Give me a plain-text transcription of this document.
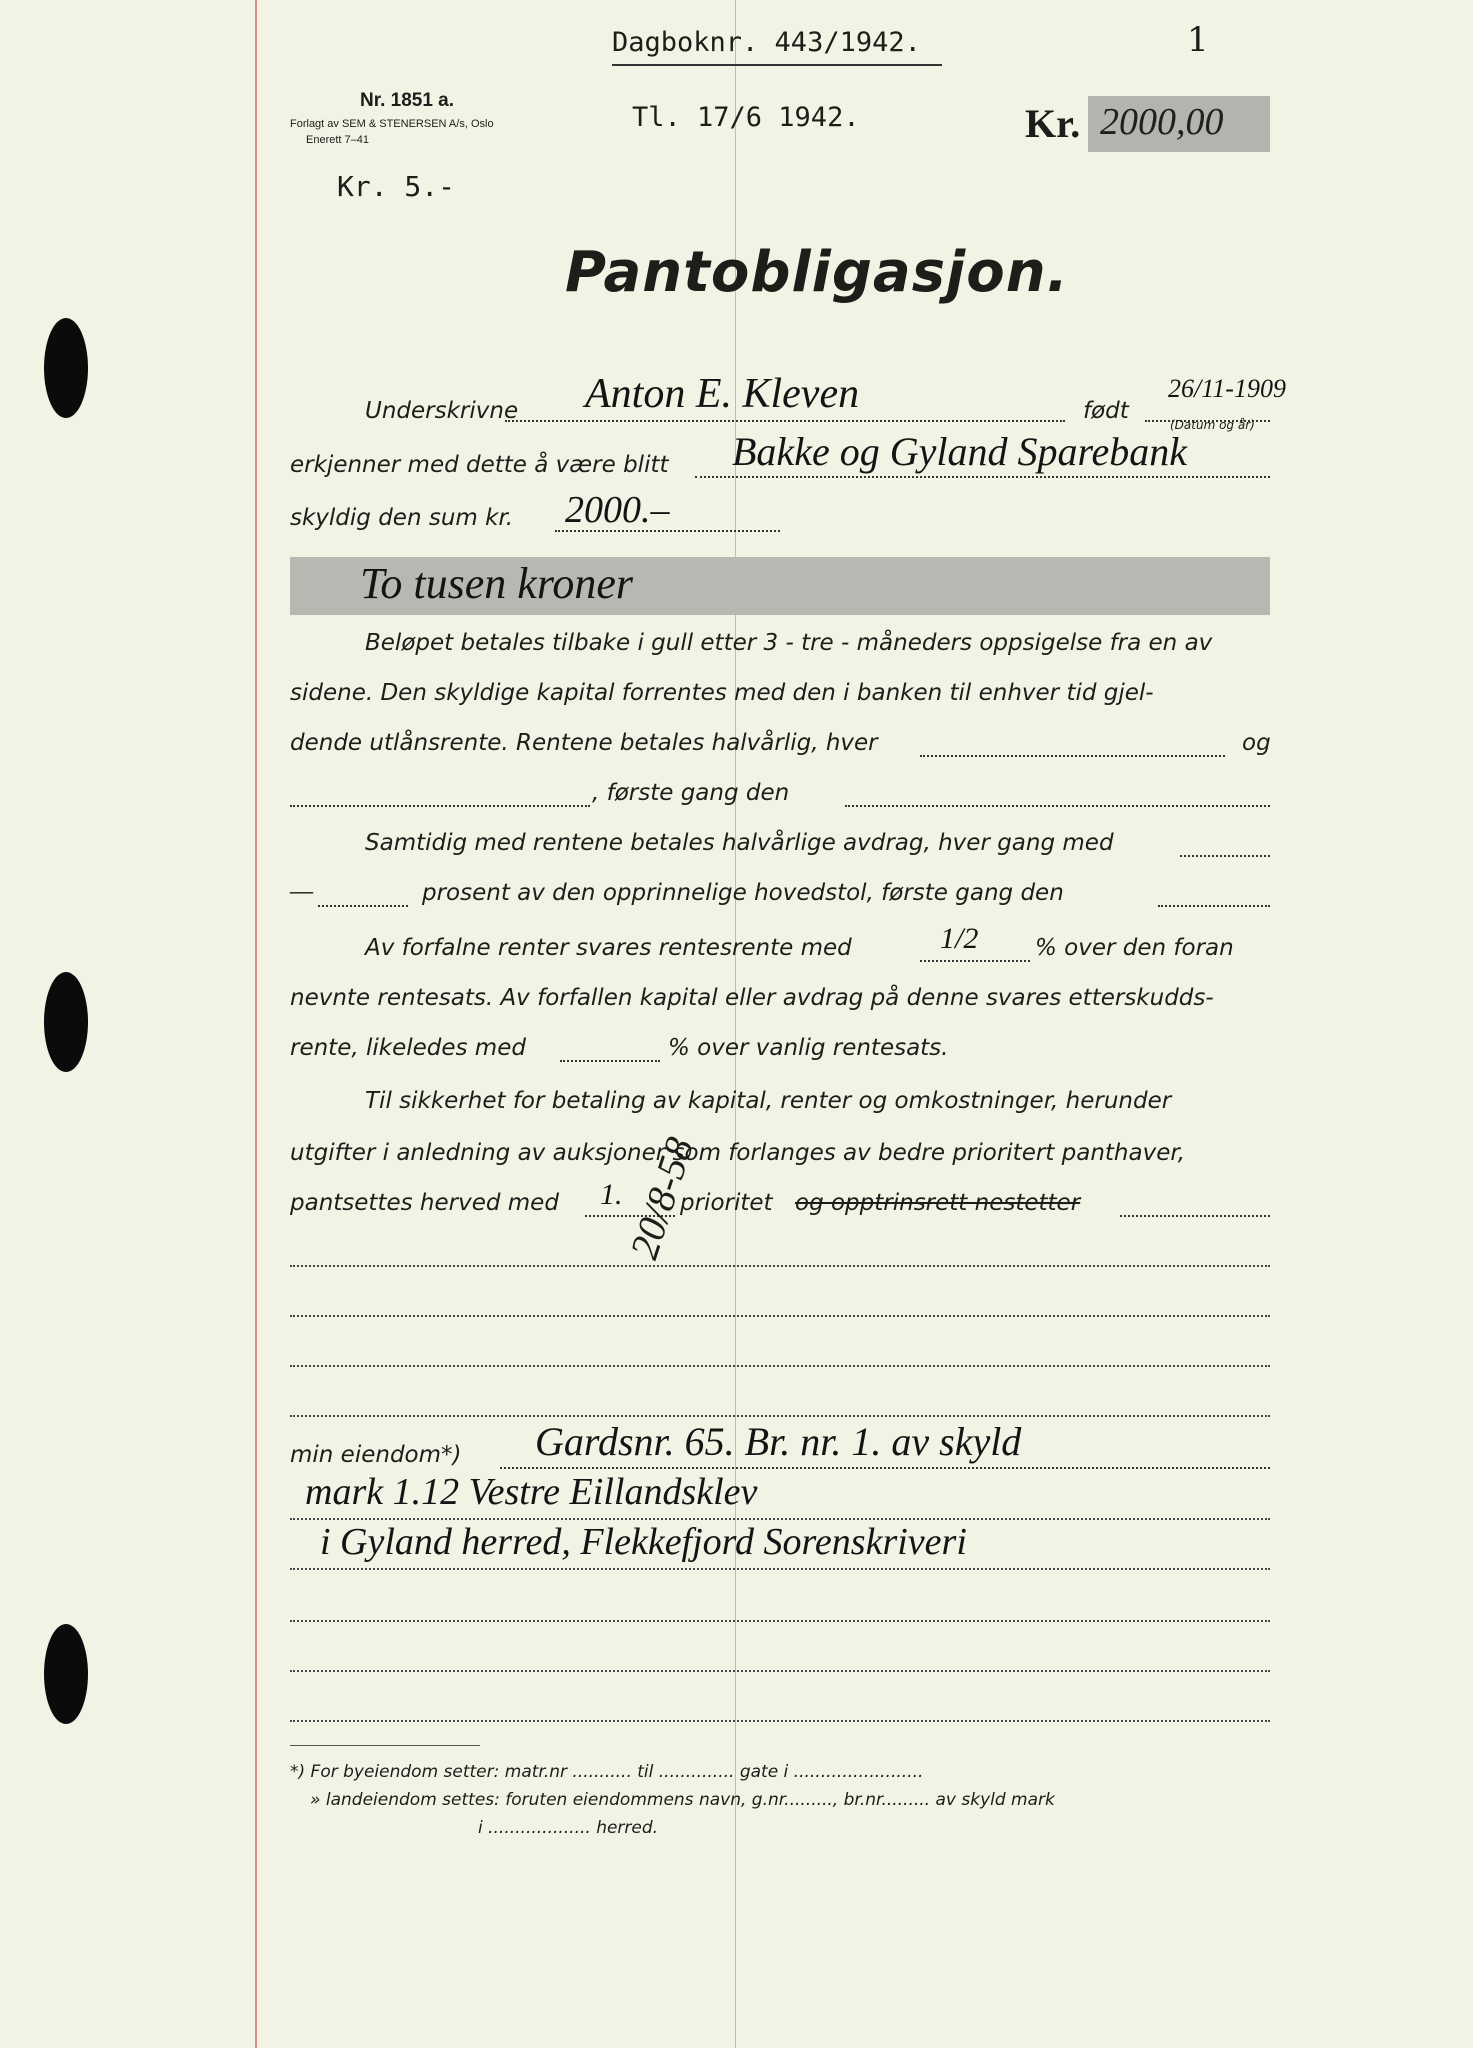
1
Nr. 1851 a.
Forlagt av SEM & STENERSEN A/s, Oslo
Enerett 7–41
Dagboknr. 443/1942.
Tl. 17/6 1942.	Kr. 2000,00
Kr. 5.-
Pantobligasjon.
Underskrivne Anton E. Kleven	født
26/11-1909
(Datum og år)
erkjenner med dette å være blitt Bakke og Gyland Sparebank
skyldig den sum kr. 2000.–
To tusen kroner
Beløpet betales tilbake i gull etter 3 - tre - måneders oppsigelse fra en av
sidene. Den skyldige kapital forrentes med den i banken til enhver tid gjel-
dende utlånsrente. Rentene betales halvårlig, hver	og
, første gang den
Samtidig med rentene betales halvårlige avdrag, hver gang med
—	prosent av den opprinnelige hovedstol, første gang den
Av forfalne renter svares rentesrente med	1/2 % over den foran
nevnte rentesats. Av forfallen kapital eller avdrag på denne svares etterskudds-
rente, likeledes med	% over vanlig rentesats.
Til sikkerhet for betaling av kapital, renter og omkostninger, herunder
utgifter i anledning av auksjoner som forlanges av bedre prioritert panthaver,
pantsettes herved med 1.	prioritet og opptrinsrett nestetter
20/8-58
min eiendom*) Gardsnr. 65. Br. nr. 1. av skyld
mark 1.12 Vestre Eillandsklev
i Gyland herred, Flekkefjord Sorenskriveri
*) For byeiendom setter: matr.nr ........... til .............. gate i ........................
» landeiendom settes: foruten eiendommens navn, g.nr........., br.nr......... av skyld mark
i ................... herred.
